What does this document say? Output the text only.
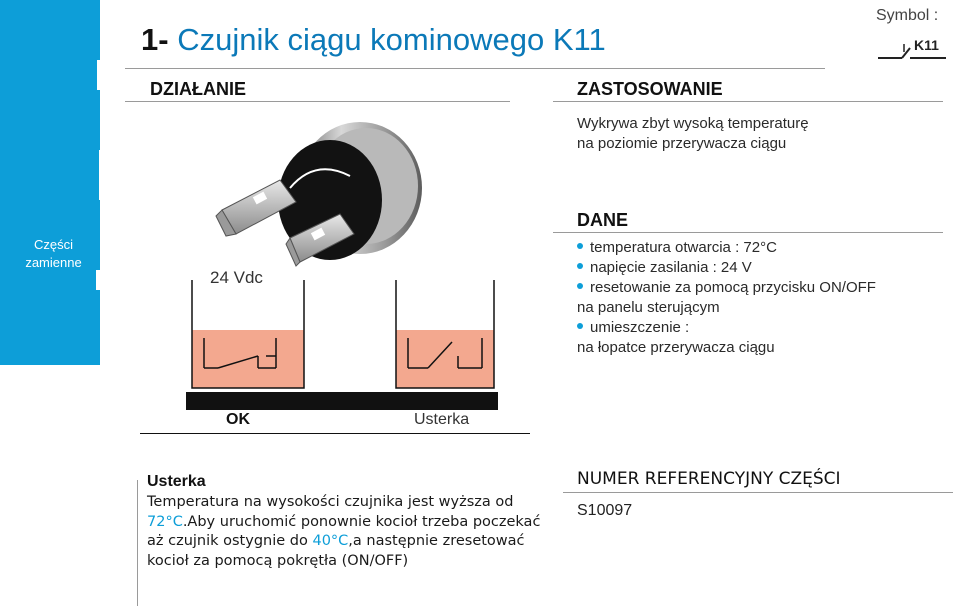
Części
zamienne
1- Czujnik ciągu kominowego K11
Symbol :
K11
DZIAŁANIE
24 Vdc
OK	Usterka
ZASTOSOWANIE
Wykrywa zbyt wysoką temperaturę
na poziomie przerywacza ciągu
DANE
temperatura otwarcia : 72°C
napięcie zasilania : 24 V
resetowanie za pomocą przycisku ON/OFF
na panelu sterującym
umieszczenie :
na łopatce przerywacza ciągu
Usterka
Temperatura na wysokości czujnika jest wyższa od 72°C.Aby uruchomić ponownie kocioł trzeba poczekać aż czujnik ostygnie do 40°C,a następnie zresetować kocioł za pomocą pokrętła (ON/OFF)
NUMER REFERENCYJNY CZĘŚCI
S10097
